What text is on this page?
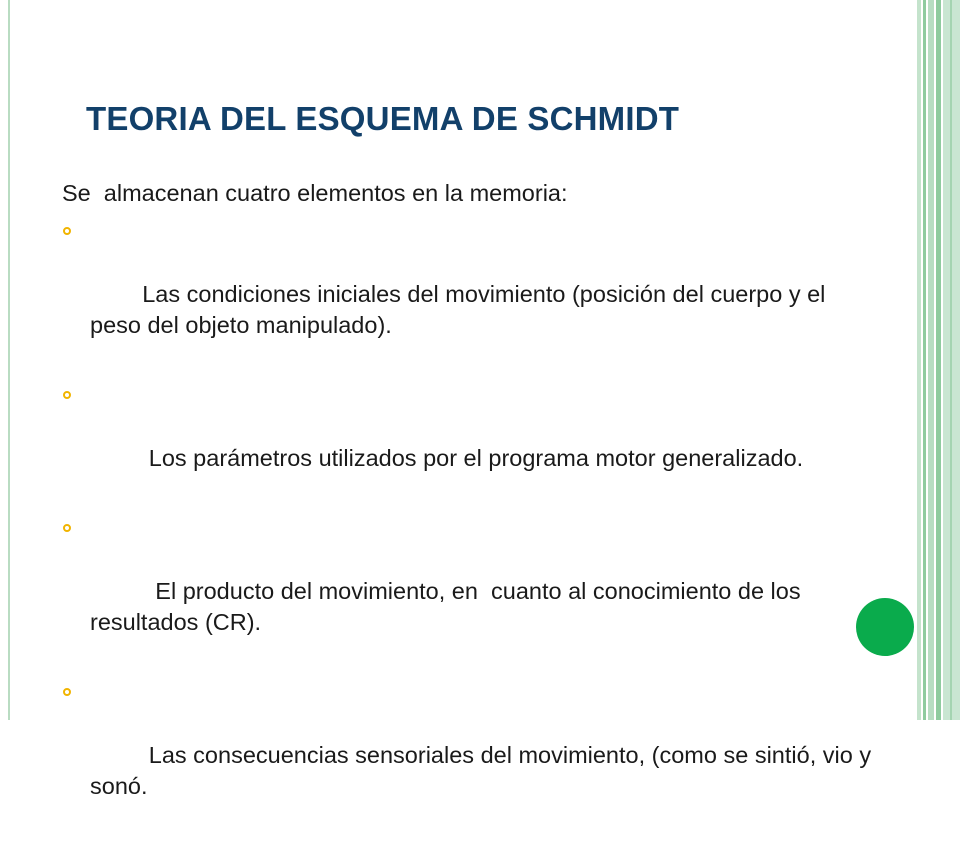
TEORIA DEL ESQUEMA DE SCHMIDT

Se  almacenan cuatro elementos en la memoria:

Las condiciones iniciales del movimiento (posición del cuerpo y el peso del objeto manipulado).

Los parámetros utilizados por el programa motor generalizado.

El producto del movimiento, en  cuanto al conocimiento de los resultados (CR).

Las consecuencias sensoriales del movimiento, (como se sintió, vio y sonó.
